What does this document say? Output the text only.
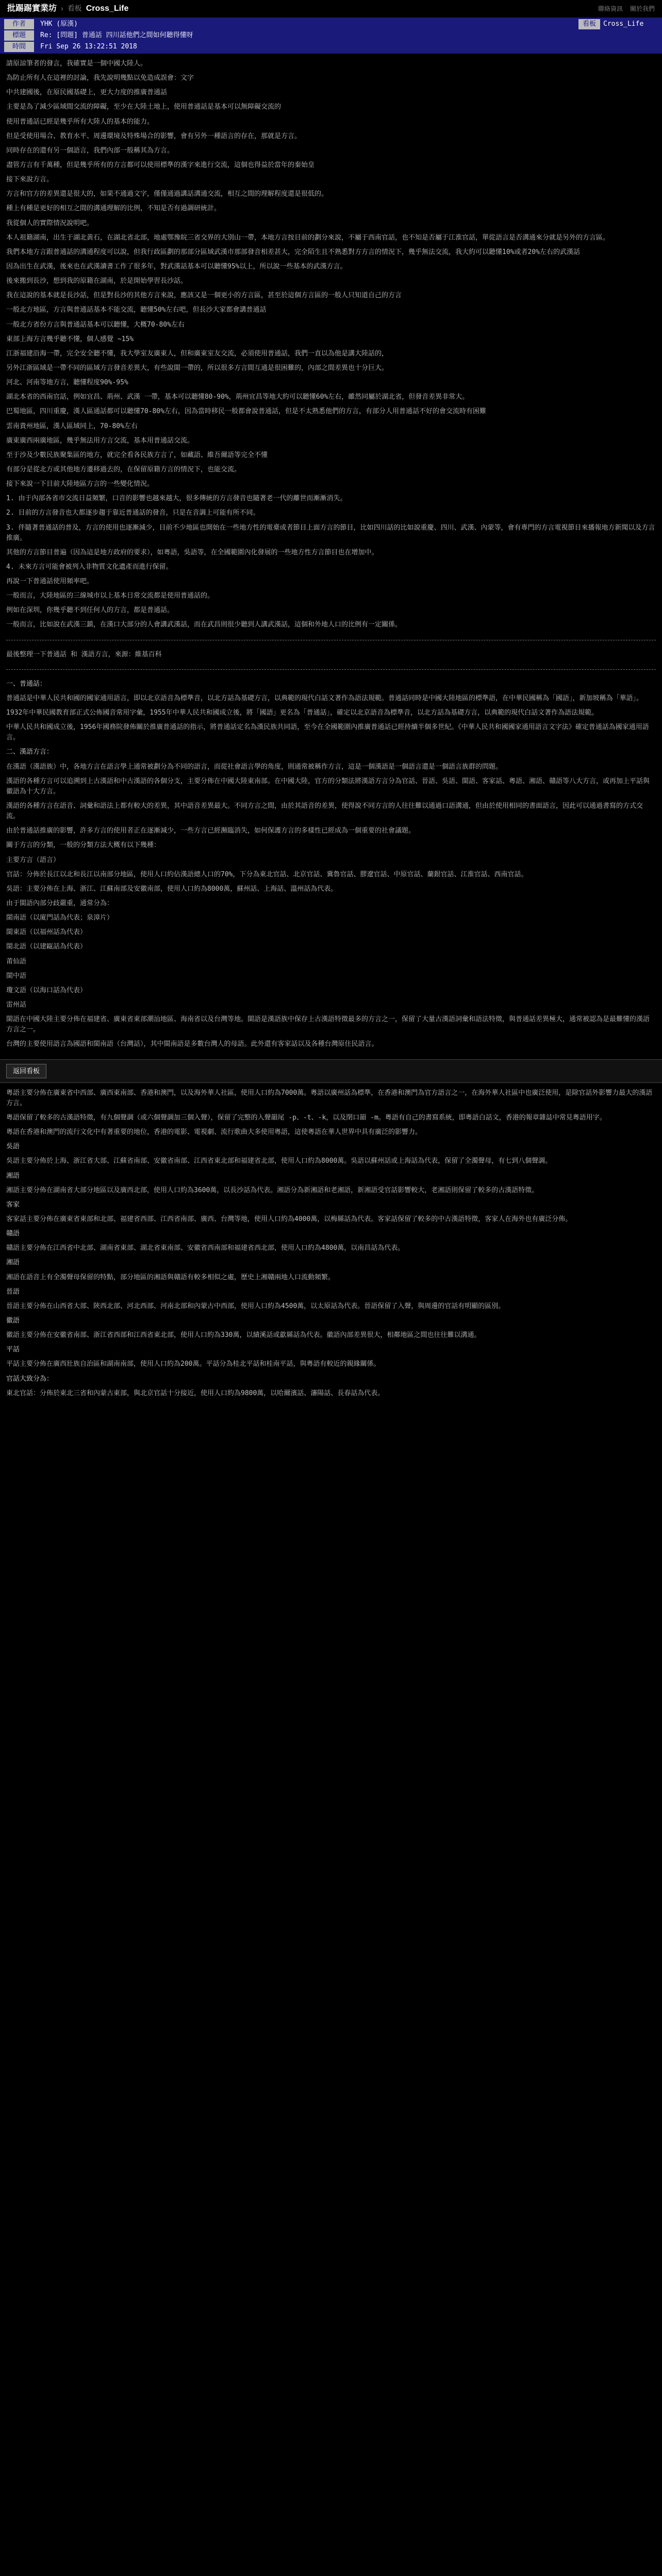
批踢踢實業坊 › 看板 Cross_Life	聯絡資訊 關於我們
作者	YHK (原漢)	看板	Cross_Life
標題	Re: [問題] 普通話 四川話他們之間如何聽得懂呀
時間	Fri Sep 26 13:22:51 2018

請原諒筆者的發言，我確實是一個中國大陸人。

為防止所有人在這裡的討論，我先說明幾點以免造成誤會：文字

中共建國後，在原民國基礎上，更大力度的推廣普通話

主要是為了減少區域間交流的障礙，至少在大陸土地上，使用普通話是基本可以無障礙交流的

使用普通話已經是幾乎所有大陸人的基本的能力。

但是受使用場合、教育水平、周邊環境及特殊場合的影響，會有另外一種語言的存在，那就是方言。

同時存在的還有另一個語言，我們內部一般稱其為方言。

盡管方言有千萬種，但是幾乎所有的方言都可以使用標準的漢字來進行交流，這個也得益於當年的秦始皇

接下來說方言。

方言和官方的差異還是很大的，如果不通過文字，僅僅通過講話溝通交流，相互之間的理解程度還是很低的。

種上有種是更好的相互之間的溝通理解的比例，不知是否有過調研統計。

我從個人的實際情況說明吧。

本人祖籍湖南，出生于湖北黃石，在湖北省北部，地處鄂豫皖三省交界的大別山一帶，本地方言按目前的劃分來說，不屬于西南官話，也不知是否屬于江淮官話，單從語言是否溝通來分就是另外的方言區。

我們本地方言跟普通話的溝通程度可以說，但我行政區劃的那部分區域武漢市那部發音相差甚大，完全陌生且不熟悉對方方言的情況下，幾乎無法交流，我大約可以聽懂10%或者20%左右的武漢話

因為出生在武漢，後來也在武漢讀書工作了很多年，對武漢話基本可以聽懂95%以上，所以說一些基本的武漢方言。

後來搬到長沙，想到我的原籍在湖南，於是開始學習長沙話。

我在這說的基本就是長沙話，但是對長沙的其他方言來說，應該又是一個更小的方言區，甚至於這個方言區的一般人只知道自己的方言

一般北方地區，方言與普通話基本不能交流，聽懂50%左右吧，但長沙大家都會講普通話

一般北方省份方言與普通話基本可以聽懂，大概70-80%左右

東部上海方言幾乎聽不懂，個人感覺 ~15%

江浙福建沿海一帶，完全安全聽不懂，我大學室友廣東人，但和廣東室友交流，必須使用普通話，我們一直以為他是講大陸話的，

另外江浙區域是一帶不同的區域方言發音差異大，有些說閩一帶的，所以很多方言間互通是很困難的，內部之間差異也十分巨大。

河北、河南等地方言，聽懂程度90%-95%

湖北本省的西南官話，例如宜昌、荊州、武漢 一帶，基本可以聽懂80-90%，荊州宜昌等地大約可以聽懂60%左右，雖然同屬於湖北省，但發音差異非常大。

巴蜀地區，四川重慶，漢人區通話都可以聽懂70-80%左右，因為當時移民一般都會說普通話，但是不太熟悉他們的方言，有部分人用普通話不好的會交流時有困難

雲南貴州地區，漢人區域同上，70-80%左右

廣東廣西兩廣地區，幾乎無法用方言交流，基本用普通話交流。

至于沙及少數民族聚集區的地方，就完全看各民族方言了，如藏語、維吾爾語等完全不懂

有部分是從北方或其他地方遷移過去的，在保留原籍方言的情況下，也能交流。

接下來說一下目前大陸地區方言的一些變化情況。

1. 由于內部各省市交流日益頻繁，口音的影響也越來越大，很多傳統的方言發音也隨著老一代的離世而漸漸消失。

2. 目前的方言發音也大都逐步趨于靠近普通話的發音，只是在音調上可能有所不同。

3. 伴隨著普通話的普及，方言的使用也逐漸減少，目前不少地區也開始在一些地方性的電臺或者節目上面方言的節目，比如四川話的比如說重慶、四川、武漢、內蒙等，會有專門的方言電視節目來播報地方新聞以及方言推廣。

其他的方言節目普遍（因為這是地方政府的要求），如粵語，吳語等，在全國範圍內化發展的一些地方性方言節目也在增加中。

4. 未來方言可能會被列入非物質文化遺產而進行保留。

再說一下普通話使用頻率吧。

一般而言，大陸地區的三線城市以上基本日常交流都是使用普通話的。

例如在深圳，你幾乎聽不到任何人的方言，都是普通話。

一般而言，比如說在武漢三鎮，在漢口大部分的人會講武漢話，而在武昌則很少聽到人講武漢話，這個和外地人口的比例有一定關係。

最後整理一下普通話 和 漢語方言，來源：維基百科

一、普通話：

普通話是中華人民共和國的國家通用語言，即以北京語音為標準音，以北方話為基礎方言，以典範的現代白話文著作為語法規範。普通話同時是中國大陸地區的標準語，在中華民國稱為「國語」，新加坡稱為「華語」。

1932年中華民國教育部正式公佈國音常用字彙，1955年中華人民共和國成立後，將「國語」更名為「普通話」，確定以北京語音為標準音，以北方話為基礎方言，以典範的現代白話文著作為語法規範。

中華人民共和國成立後，1956年國務院發佈關於推廣普通話的指示，將普通話定名為漢民族共同語，至今在全國範圍內推廣普通話已經持續半個多世紀。《中華人民共和國國家通用語言文字法》確定普通話為國家通用語言。

二、漢語方言：

在漢語（漢語族）中，各地方言在語言學上通常被劃分為不同的語言，而從社會語言學的角度，則通常被稱作方言，這是一個漢語是一個語言還是一個語言族群的問題。

漢語的各種方言可以追溯到上古漢語和中古漢語的各個分支，主要分佈在中國大陸東南部。在中國大陸，官方的分類法將漢語方言分為官話、晉語、吳語、閩語、客家話、粵語、湘語、贛語等八大方言，或再加上平話與徽語為十大方言。

漢語的各種方言在語音、詞彙和語法上都有較大的差異，其中語音差異最大。不同方言之間，由於其語音的差異，使得說不同方言的人往往難以通過口語溝通，但由於使用相同的書面語言，因此可以通過書寫的方式交流。

由於普通話推廣的影響，許多方言的使用者正在逐漸減少，一些方言已經瀕臨消失，如何保護方言的多樣性已經成為一個重要的社會議題。

關于方言的分類，一般的分類方法大概有以下幾種：

主要方言（語言）

官話：分佈於長江以北和長江以南部分地區，使用人口約佔漢語總人口的70%，下分為東北官話、北京官話、冀魯官話、膠遼官話、中原官話、蘭銀官話、江淮官話、西南官話。

吳語：主要分佈在上海、浙江、江蘇南部及安徽南部，使用人口約為8000萬，蘇州話、上海話、溫州話為代表。

由于閩語內部分歧嚴重，通常分為：

閩南語（以廈門話為代表；泉漳片）

閩東語（以福州話為代表）

閩北語（以建甌話為代表）

莆仙語

閩中語

瓊文語（以海口話為代表）

雷州話

閩語在中國大陸主要分佈在福建省、廣東省東部潮汕地區、海南省以及台灣等地。閩語是漢語族中保存上古漢語特徵最多的方言之一，保留了大量古漢語詞彙和語法特徵，與普通話差異極大，通常被認為是最難懂的漢語方言之一。

台灣的主要使用語言為國語和閩南語（台灣話），其中閩南語是多數台灣人的母語。此外還有客家話以及各種台灣原住民語言。

返回看板

粵語主要分佈在廣東省中西部、廣西東南部、香港和澳門，以及海外華人社區，使用人口約為7000萬。粵語以廣州話為標準，在香港和澳門為官方語言之一，在海外華人社區中也廣泛使用，是除官話外影響力最大的漢語方言。

粵語保留了較多的古漢語特徵，有九個聲調（或六個聲調加三個入聲），保留了完整的入聲韻尾 -p、-t、-k，以及閉口韻 -m。粵語有自己的書寫系統，即粵語白話文，香港的報章雜誌中常見粵語用字。

粵語在香港和澳門的流行文化中有著重要的地位，香港的電影、電視劇、流行歌曲大多使用粵語，這使粵語在華人世界中具有廣泛的影響力。

吳語

吳語主要分佈於上海、浙江省大部、江蘇省南部、安徽省南部、江西省東北部和福建省北部，使用人口約為8000萬。吳語以蘇州話或上海話為代表，保留了全濁聲母，有七到八個聲調。

湘語

湘語主要分佈在湖南省大部分地區以及廣西北部，使用人口約為3600萬，以長沙話為代表。湘語分為新湘語和老湘語，新湘語受官話影響較大，老湘語則保留了較多的古漢語特徵。

客家

客家話主要分佈在廣東省東部和北部、福建省西部、江西省南部、廣西、台灣等地，使用人口約為4000萬，以梅縣話為代表。客家話保留了較多的中古漢語特徵，客家人在海外也有廣泛分佈。

贛語

贛語主要分佈在江西省中北部、湖南省東部、湖北省東南部、安徽省西南部和福建省西北部，使用人口約為4800萬，以南昌話為代表。

湘語

湘語在語音上有全濁聲母保留的特點，部分地區的湘語與贛語有較多相似之處，歷史上湘贛兩地人口流動頻繁。

晉語

晉語主要分佈在山西省大部、陝西北部、河北西部、河南北部和內蒙古中西部，使用人口約為4500萬，以太原話為代表。晉語保留了入聲，與周邊的官話有明顯的區別。

徽語

徽語主要分佈在安徽省南部、浙江省西部和江西省東北部，使用人口約為330萬，以績溪話或歙縣話為代表。徽語內部差異很大，相鄰地區之間也往往難以溝通。

平話

平話主要分佈在廣西壯族自治區和湖南南部，使用人口約為200萬。平話分為桂北平話和桂南平話，與粵語有較近的親緣關係。

官話大致分為：

東北官話：分佈於東北三省和內蒙古東部，與北京官話十分接近，使用人口約為9800萬，以哈爾濱話、瀋陽話、長春話為代表。
